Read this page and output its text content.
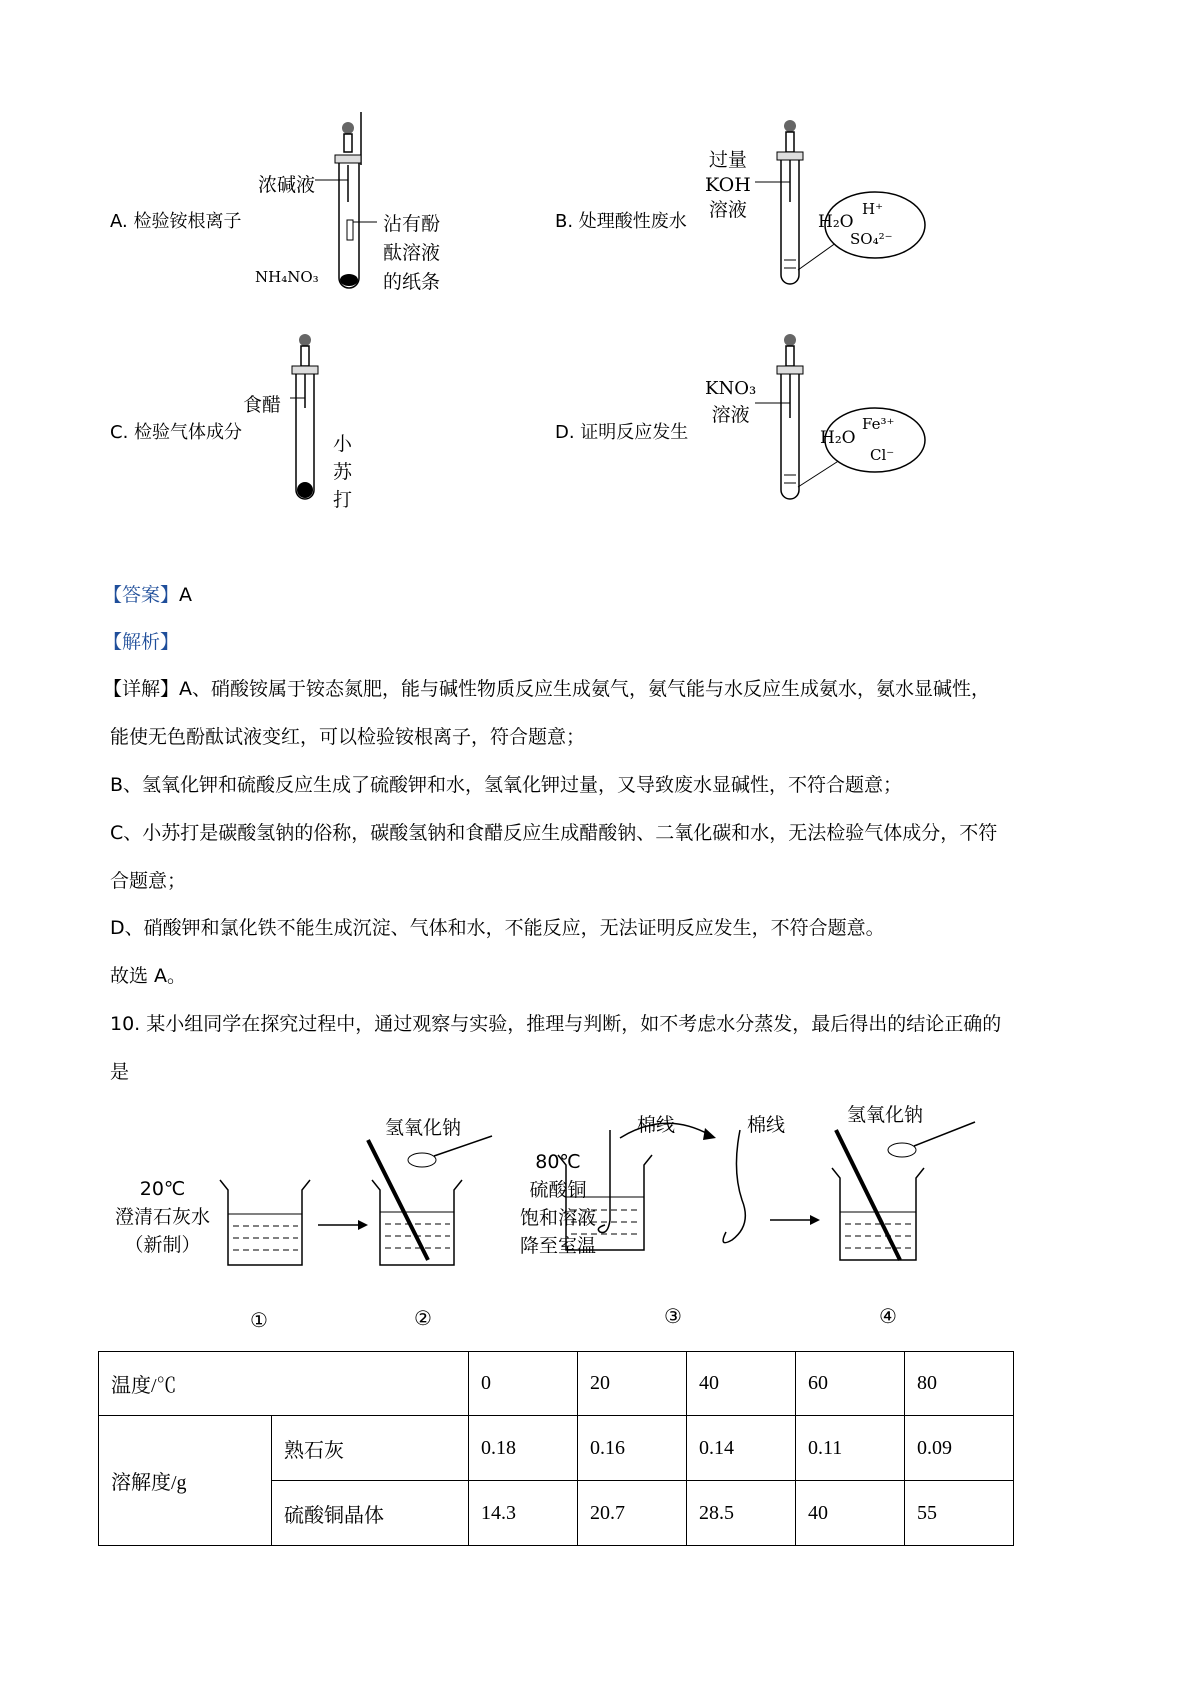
A. 检验铵根离子
浓碱液
沾有酚
酞溶液
的纸条
NH₄NO₃
B. 处理酸性废水
过量
KOH
溶液
H₂O
H⁺
SO₄²⁻
C. 检验气体成分
食醋
小
苏
打
D. 证明反应发生
KNO₃
溶液
H₂O
Fe³⁺
Cl⁻
【答案】A
【解析】
【详解】A、硝酸铵属于铵态氮肥，能与碱性物质反应生成氨气，氨气能与水反应生成氨水，氨水显碱性，
能使无色酚酞试液变红，可以检验铵根离子，符合题意；
B、氢氧化钾和硫酸反应生成了硫酸钾和水，氢氧化钾过量，又导致废水显碱性，不符合题意；
C、小苏打是碳酸氢钠的俗称，碳酸氢钠和食醋反应生成醋酸钠、二氧化碳和水，无法检验气体成分，不符
合题意；
D、硝酸钾和氯化铁不能生成沉淀、气体和水，不能反应，无法证明反应发生，不符合题意。
故选 A。
10. 某小组同学在探究过程中，通过观察与实验，推理与判断，如不考虑水分蒸发，最后得出的结论正确的
是
20℃
澄清石灰水
（新制）
氢氧化钠
80℃
硫酸铜
饱和溶液
降至室温
棉线	棉线	氢氧化钠
①	②	③	④
温度/℃		0	20	40	60	80
溶解度/g	熟石灰	0.18	0.16	0.14	0.11	0.09
	硫酸铜晶体	14.3	20.7	28.5	40	55
